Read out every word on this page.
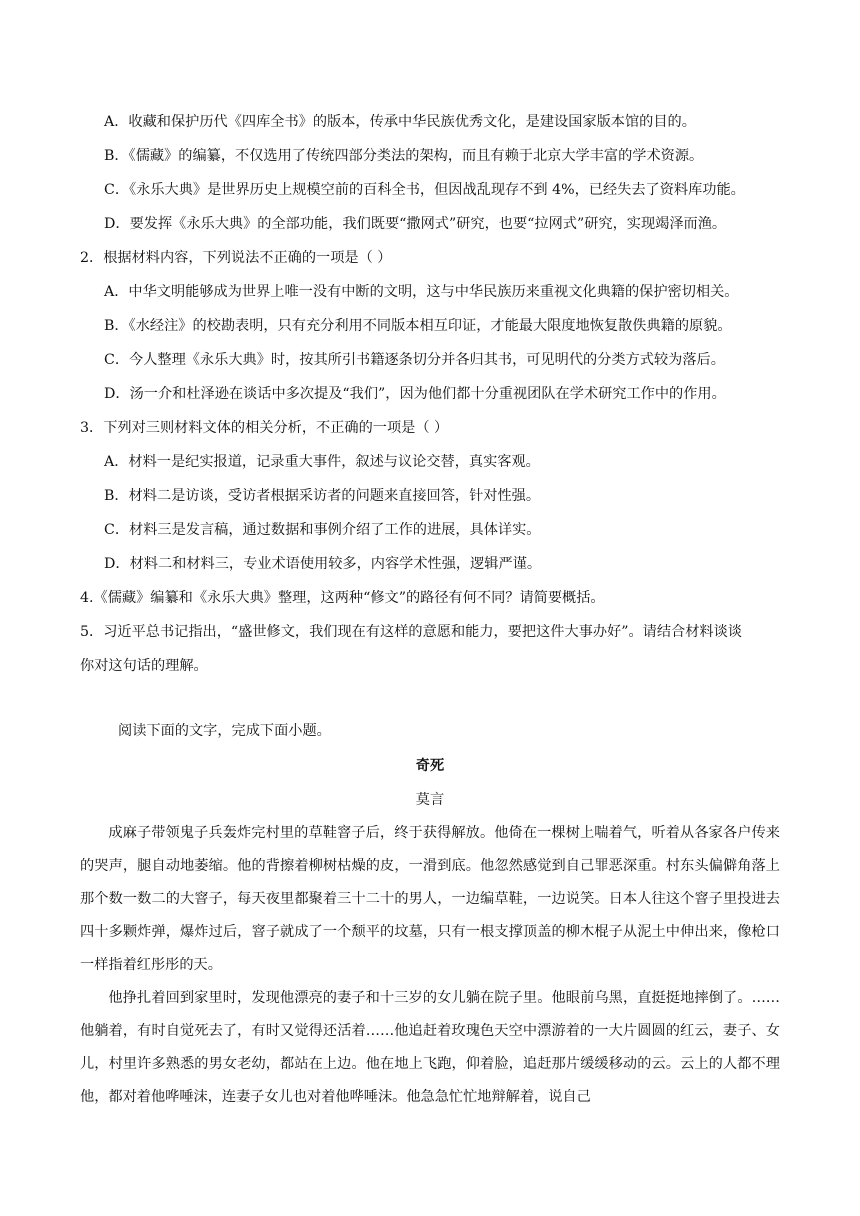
A．收藏和保护历代《四库全书》的版本，传承中华民族优秀文化，是建设国家版本馆的目的。
B．《儒藏》的编纂，不仅选用了传统四部分类法的架构，而且有赖于北京大学丰富的学术资源。
C．《永乐大典》是世界历史上规模空前的百科全书，但因战乱现存不到 4%，已经失去了资料库功能。
D．要发挥《永乐大典》的全部功能，我们既要“撒网式”研究，也要“拉网式”研究，实现竭泽而渔。
2．根据材料内容，下列说法不正确的一项是（ ）
A．中华文明能够成为世界上唯一没有中断的文明，这与中华民族历来重视文化典籍的保护密切相关。
B．《水经注》的校勘表明，只有充分利用不同版本相互印证，才能最大限度地恢复散佚典籍的原貌。
C．今人整理《永乐大典》时，按其所引书籍逐条切分并各归其书，可见明代的分类方式较为落后。
D．汤一介和杜泽逊在谈话中多次提及“我们”，因为他们都十分重视团队在学术研究工作中的作用。
3．下列对三则材料文体的相关分析，不正确的一项是（ ）
A．材料一是纪实报道，记录重大事件，叙述与议论交替，真实客观。
B．材料二是访谈，受访者根据采访者的问题来直接回答，针对性强。
C．材料三是发言稿，通过数据和事例介绍了工作的进展，具体详实。
D．材料二和材料三，专业术语使用较多，内容学术性强，逻辑严谨。
4.《儒藏》编纂和《永乐大典》整理，这两种“修文”的路径有何不同？请简要概括。
5．习近平总书记指出，“盛世修文，我们现在有这样的意愿和能力，要把这件大事办好”。请结合材料谈谈
你对这句话的理解。
阅读下面的文字，完成下面小题。
奇死
莫言
成麻子带领鬼子兵轰炸完村里的草鞋窨子后，终于获得解放。他倚在一棵树上喘着气，听着从各家各户传来的哭声，腿自动地萎缩。他的背擦着柳树枯燥的皮，一滑到底。他忽然感觉到自己罪恶深重。村东头偏僻角落上那个数一数二的大窨子，每天夜里都聚着三十二十的男人，一边编草鞋，一边说笑。日本人往这个窨子里投进去四十多颗炸弹，爆炸过后，窨子就成了一个颓平的坟墓，只有一根支撑顶盖的柳木棍子从泥土中伸出来，像枪口一样指着红彤彤的天。
他挣扎着回到家里时，发现他漂亮的妻子和十三岁的女儿躺在院子里。他眼前乌黑，直挺挺地摔倒了。……他躺着，有时自觉死去了，有时又觉得还活着……他追赶着玫瑰色天空中漂游着的一大片圆圆的红云，妻子、女儿，村里许多熟悉的男女老幼，都站在上边。他在地上飞跑，仰着脸，追赶那片缓缓移动的云。云上的人都不理他，都对着他哗唾沫，连妻子女儿也对着他哗唾沫。他急急忙忙地辩解着，说自己
